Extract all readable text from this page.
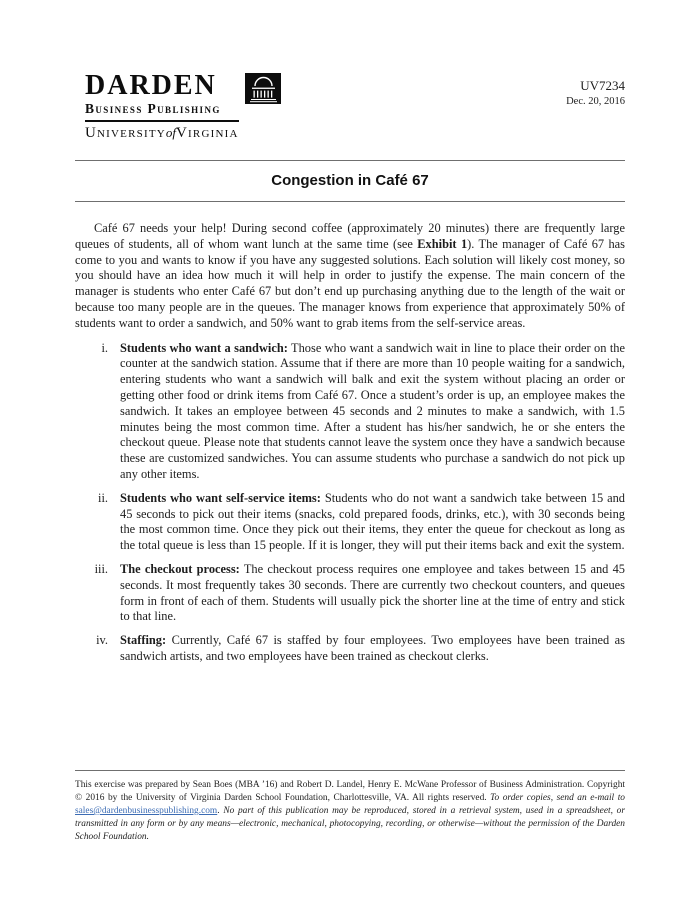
DARDEN
Business Publishing
UniversityofVirginia
UV7234
Dec. 20, 2016
Congestion in Café 67

Café 67 needs your help! During second coffee (approximately 20 minutes) there are frequently large queues of students, all of whom want lunch at the same time (see Exhibit 1). The manager of Café 67 has come to you and wants to know if you have any suggested solutions. Each solution will likely cost money, so you should have an idea how much it will help in order to justify the expense. The main concern of the manager is students who enter Café 67 but don’t end up purchasing anything due to the length of the wait or because too many people are in the queues. The manager knows from experience that approximately 50% of students want to order a sandwich, and 50% want to grab items from the self-service areas.

i. Students who want a sandwich: Those who want a sandwich wait in line to place their order on the counter at the sandwich station. Assume that if there are more than 10 people waiting for a sandwich, entering students who want a sandwich will balk and exit the system without placing an order or getting other food or drink items from Café 67. Once a student’s order is up, an employee makes the sandwich. It takes an employee between 45 seconds and 2 minutes to make a sandwich, with 1.5 minutes being the most common time. After a student has his/her sandwich, he or she enters the checkout queue. Please note that students cannot leave the system once they have a sandwich because these are customized sandwiches. You can assume students who purchase a sandwich do not pick up any other items.
ii. Students who want self-service items: Students who do not want a sandwich take between 15 and 45 seconds to pick out their items (snacks, cold prepared foods, drinks, etc.), with 30 seconds being the most common time. Once they pick out their items, they enter the queue for checkout as long as the total queue is less than 15 people. If it is longer, they will put their items back and exit the system.
iii. The checkout process: The checkout process requires one employee and takes between 15 and 45 seconds. It most frequently takes 30 seconds. There are currently two checkout counters, and queues form in front of each of them. Students will usually pick the shorter line at the time of entry and stick to that line.
iv. Staffing: Currently, Café 67 is staffed by four employees. Two employees have been trained as sandwich artists, and two employees have been trained as checkout clerks.

This exercise was prepared by Sean Boes (MBA ’16) and Robert D. Landel, Henry E. McWane Professor of Business Administration. Copyright © 2016 by the University of Virginia Darden School Foundation, Charlottesville, VA. All rights reserved. To order copies, send an e-mail to sales@dardenbusinesspublishing.com. No part of this publication may be reproduced, stored in a retrieval system, used in a spreadsheet, or transmitted in any form or by any means—electronic, mechanical, photocopying, recording, or otherwise—without the permission of the Darden School Foundation.
